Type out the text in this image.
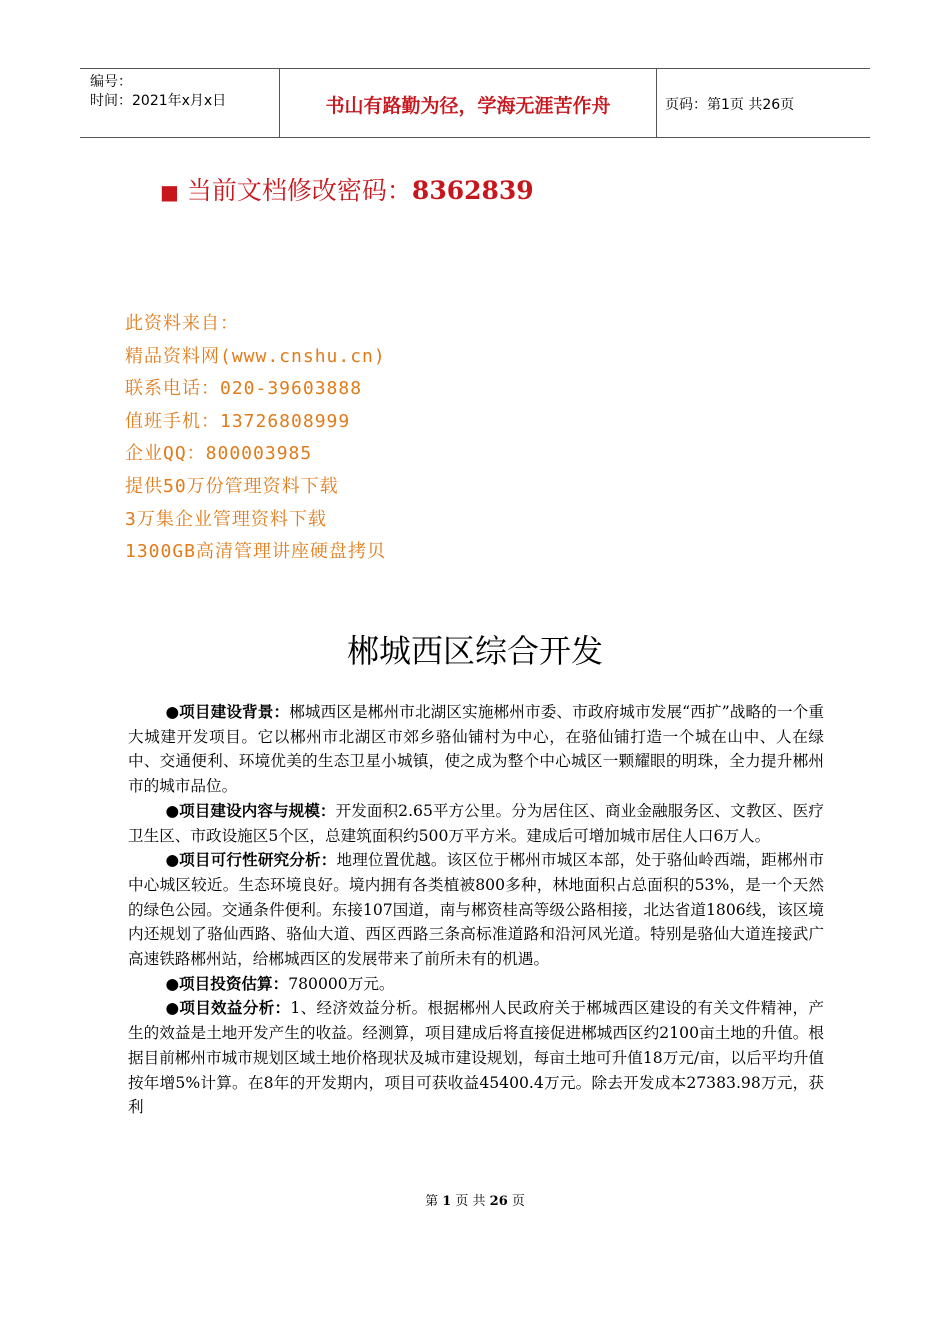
编号：
时间：2021年x月x日	书山有路勤为径，学海无涯苦作舟	页码：第1页 共26页
■ 当前文档修改密码：8362839
此资料来自：
精品资料网(www.cnshu.cn)
联系电话：020-39603888
值班手机：13726808999
企业QQ：800003985
提供50万份管理资料下载
3万集企业管理资料下载
1300GB高清管理讲座硬盘拷贝
郴城西区综合开发

●项目建设背景：郴城西区是郴州市北湖区实施郴州市委、市政府城市发展“西扩”战略的一个重大城建开发项目。它以郴州市北湖区市郊乡骆仙铺村为中心，在骆仙铺打造一个城在山中、人在绿中、交通便利、环境优美的生态卫星小城镇，使之成为整个中心城区一颗耀眼的明珠，全力提升郴州市的城市品位。

●项目建设内容与规模：开发面积2.65平方公里。分为居住区、商业金融服务区、文教区、医疗卫生区、市政设施区5个区，总建筑面积约500万平方米。建成后可增加城市居住人口6万人。

●项目可行性研究分析：地理位置优越。该区位于郴州市城区本部，处于骆仙岭西端，距郴州市中心城区较近。生态环境良好。境内拥有各类植被800多种，林地面积占总面积的53%，是一个天然的绿色公园。交通条件便利。东接107国道，南与郴资桂高等级公路相接，北达省道1806线，该区境内还规划了骆仙西路、骆仙大道、西区西路三条高标准道路和沿河风光道。特别是骆仙大道连接武广高速铁路郴州站，给郴城西区的发展带来了前所未有的机遇。

●项目投资估算：780000万元。

●项目效益分析：1、经济效益分析。根据郴州人民政府关于郴城西区建设的有关文件精神，产生的效益是土地开发产生的收益。经测算，项目建成后将直接促进郴城西区约2100亩土地的升值。根据目前郴州市城市规划区域土地价格现状及城市建设规划，每亩土地可升值18万元/亩，以后平均升值按年增5%计算。在8年的开发期内，项目可获收益45400.4万元。除去开发成本27383.98万元，获利

第 1 页 共 26 页
